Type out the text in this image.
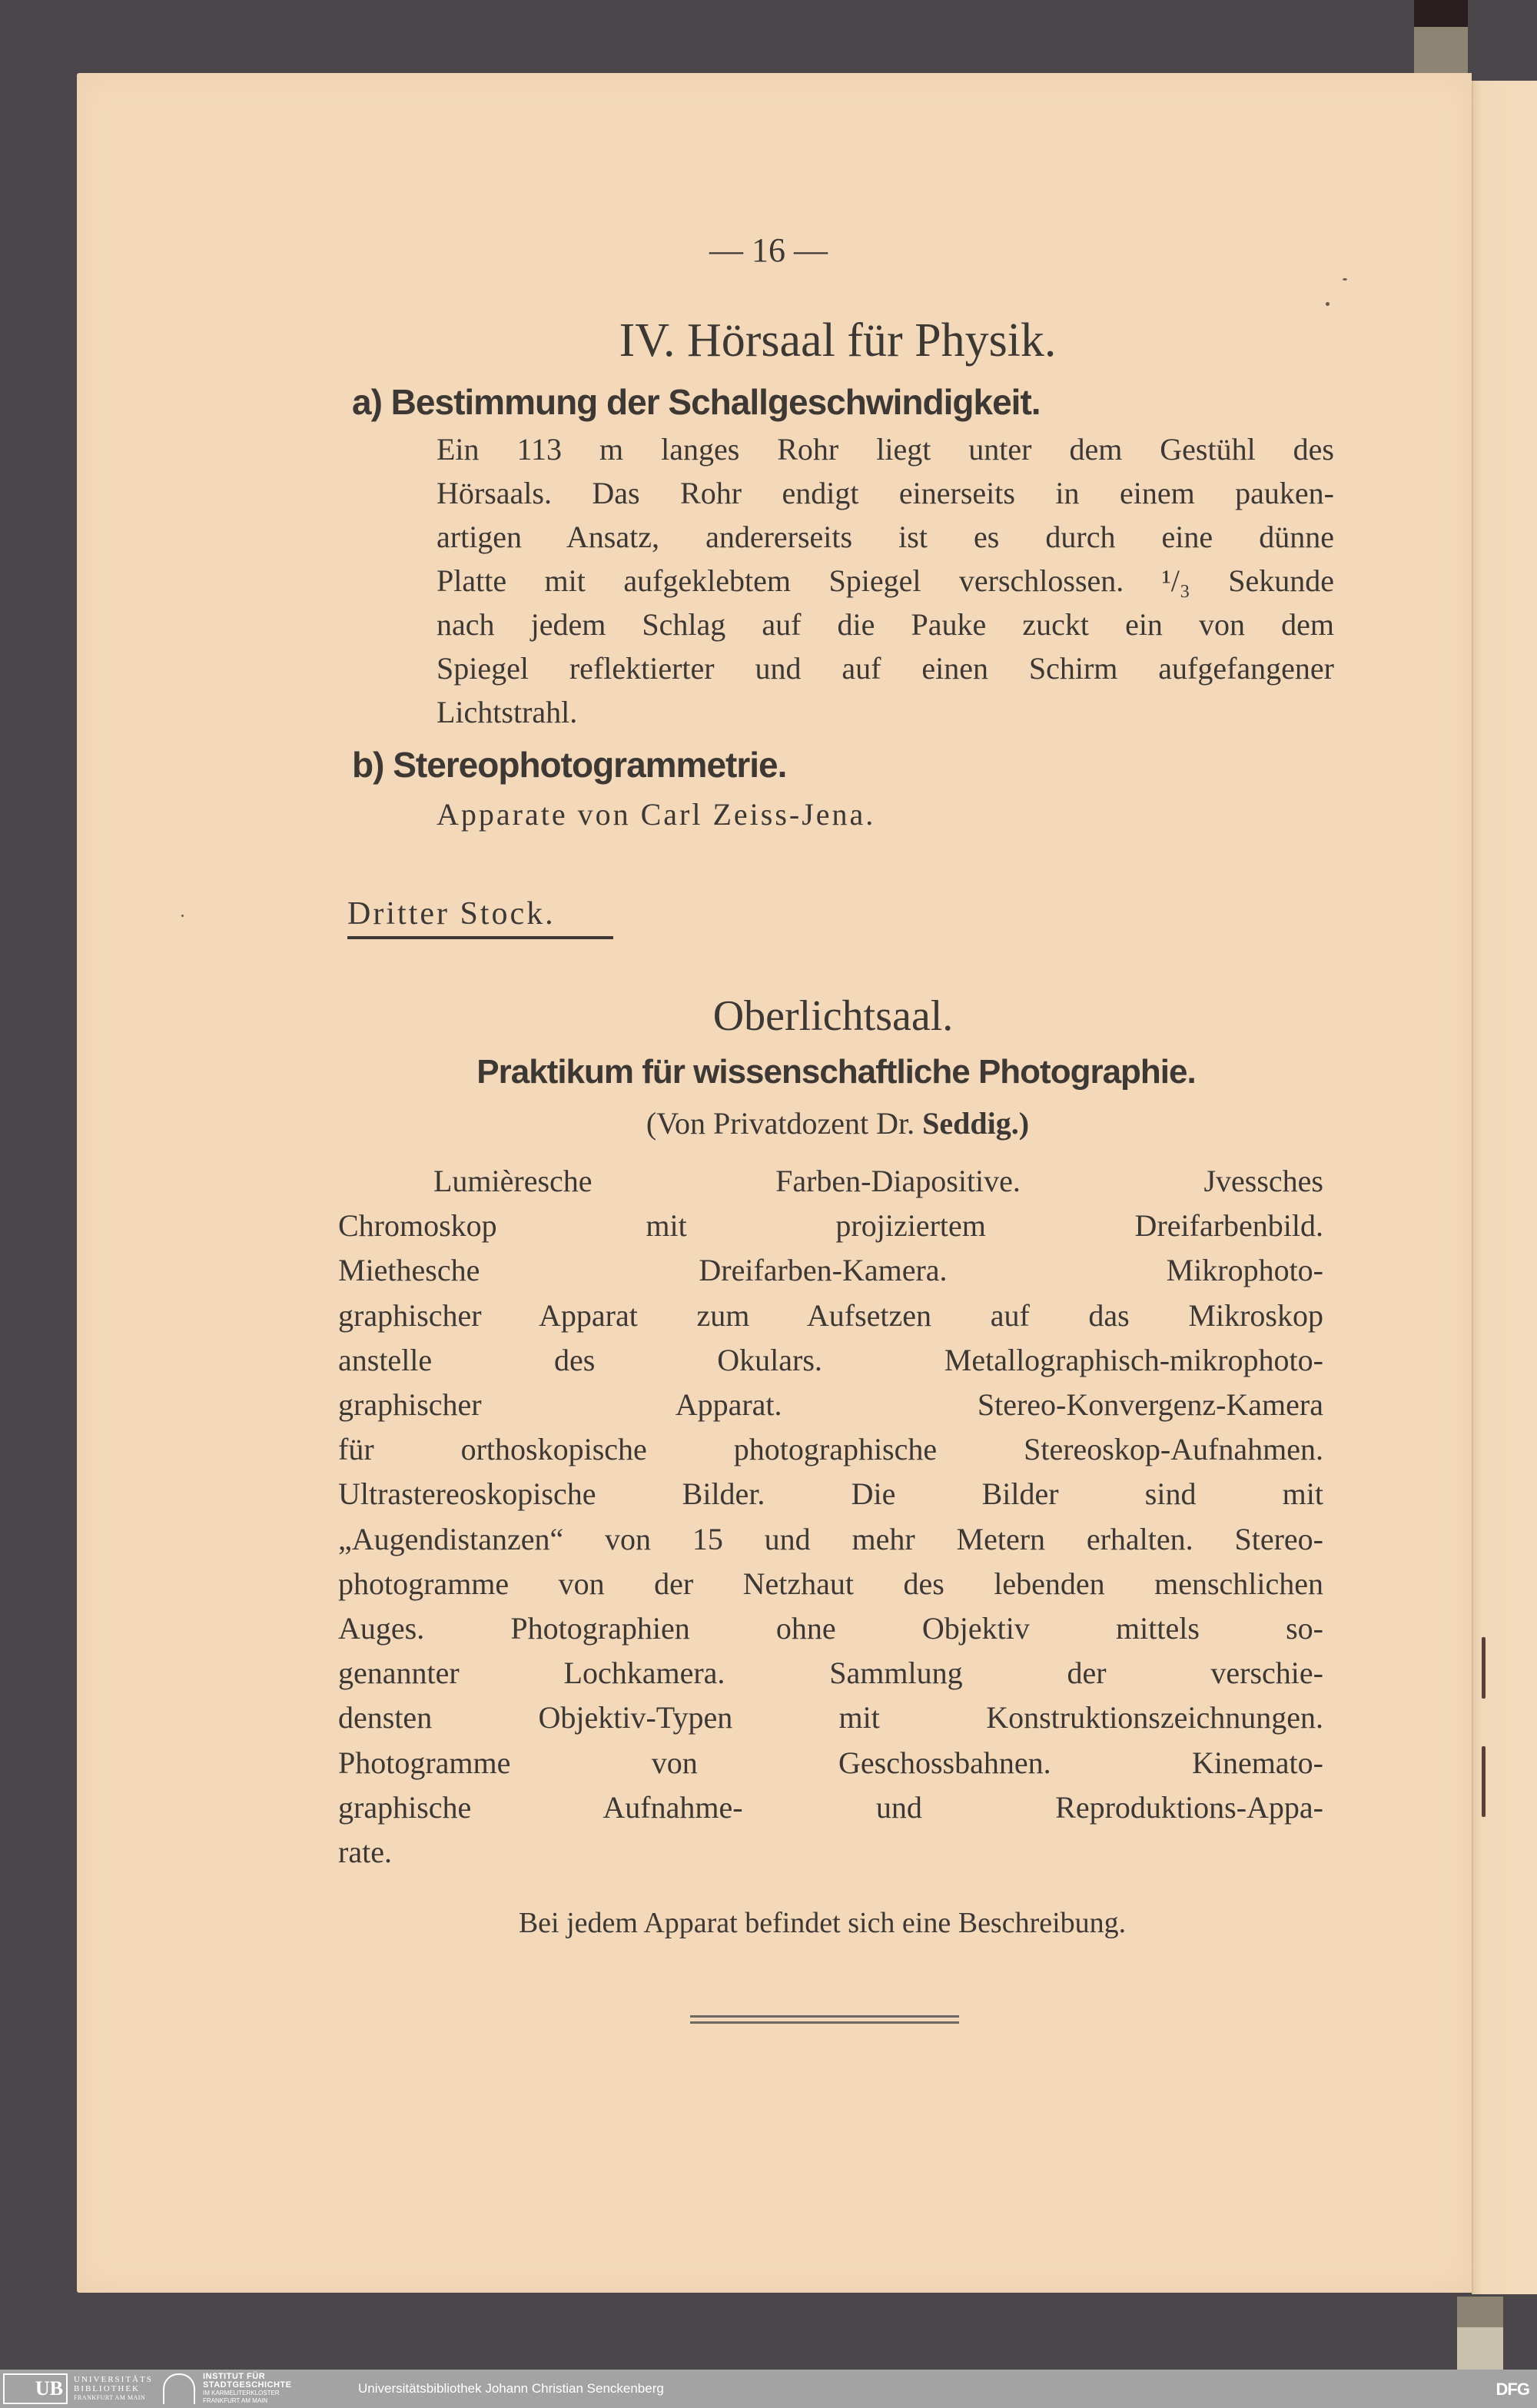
— 16 —
IV. Hörsaal für Physik.
a) Bestimmung der Schallgeschwindigkeit.
Ein 113 m langes Rohr liegt unter dem Gestühl des
Hörsaals. Das Rohr endigt einerseits in einem pauken-
artigen Ansatz, andererseits ist es durch eine dünne
Platte mit aufgeklebtem Spiegel verschlossen. ¹/₃ Sekunde
nach jedem Schlag auf die Pauke zuckt ein von dem
Spiegel reflektierter und auf einen Schirm aufgefangener
Lichtstrahl.
b) Stereophotogrammetrie.
Apparate von Carl Zeiss-Jena.
Dritter Stock.
Oberlichtsaal.
Praktikum für wissenschaftliche Photographie.
(Von Privatdozent Dr. Seddig.)
Lumièresche Farben-Diapositive. Jvessches
Chromoskop mit projiziertem Dreifarbenbild.
Miethesche Dreifarben-Kamera. Mikrophoto-
graphischer Apparat zum Aufsetzen auf das Mikroskop
anstelle des Okulars. Metallographisch-mikrophoto-
graphischer Apparat. Stereo-Konvergenz-Kamera
für orthoskopische photographische Stereoskop-Aufnahmen.
Ultrastereoskopische Bilder. Die Bilder sind mit
„Augendistanzen“ von 15 und mehr Metern erhalten. Stereo-
photogramme von der Netzhaut des lebenden menschlichen
Auges. Photographien ohne Objektiv mittels so-
genannter Lochkamera. Sammlung der verschie-
densten Objektiv-Typen mit Konstruktionszeichnungen.
Photogramme von Geschossbahnen. Kinemato-
graphische Aufnahme- und Reproduktions-Appa-
rate.
Bei jedem Apparat befindet sich eine Beschreibung.
UB UNIVERSITÄTS
BIBLIOTHEK
FRANKFURT AM MAIN
INSTITUT FÜR
STADTGESCHICHTE
IM KARMELITERKLOSTER
FRANKFURT AM MAIN
Universitätsbibliothek Johann Christian Senckenberg	DFG
